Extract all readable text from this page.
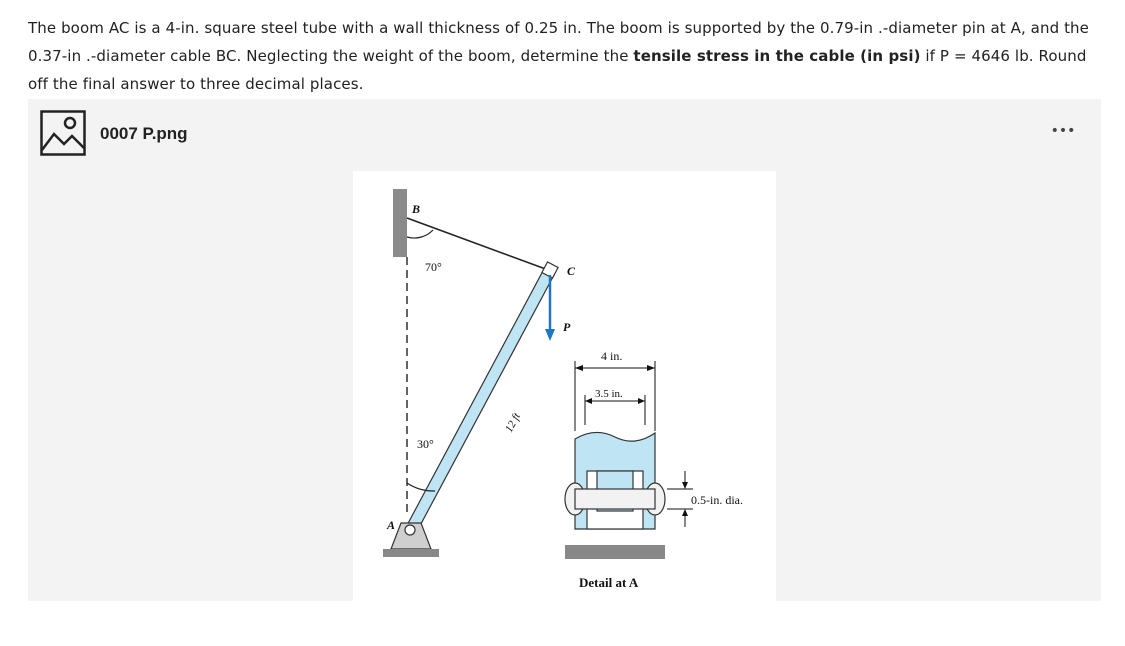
The boom AC is a 4-in. square steel tube with a wall thickness of 0.25 in. The boom is supported by the 0.79-in .-diameter pin at A, and the 0.37-in .-diameter cable BC. Neglecting the weight of the boom, determine the tensile stress in the cable (in psi) if P = 4646 lb. Round off the final answer to three decimal places.
0007 P.png	•••
B
C
P
A
70°
30°
12 ft
4 in.
3.5 in.
0.5-in. dia.
Detail at A
